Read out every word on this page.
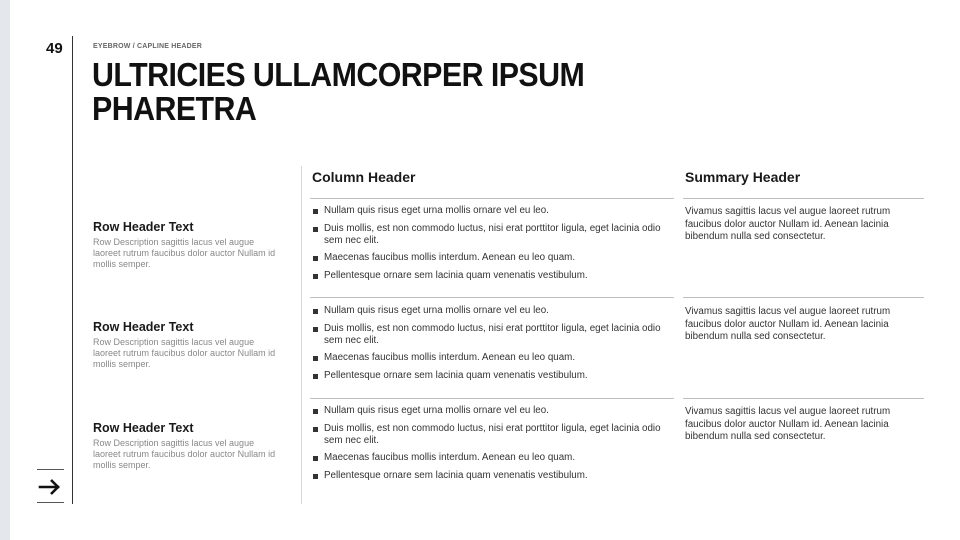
49	EYEBROW / CAPLINE HEADER
ULTRICIES ULLAMCORPER IPSUM PHARETRA
Column Header	Summary Header
Row Header Text
Row Description sagittis lacus vel augue laoreet rutrum faucibus dolor auctor Nullam id mollis semper.
Nullam quis risus eget urna mollis ornare vel eu leo.
Duis mollis, est non commodo luctus, nisi erat porttitor ligula, eget lacinia odio sem nec elit.
Maecenas faucibus mollis interdum. Aenean eu leo quam.
Pellentesque ornare sem lacinia quam venenatis vestibulum.
Vivamus sagittis lacus vel augue laoreet rutrum faucibus dolor auctor Nullam id. Aenean lacinia bibendum nulla sed consectetur.
Row Header Text
Row Description sagittis lacus vel augue laoreet rutrum faucibus dolor auctor Nullam id mollis semper.
Nullam quis risus eget urna mollis ornare vel eu leo.
Duis mollis, est non commodo luctus, nisi erat porttitor ligula, eget lacinia odio sem nec elit.
Maecenas faucibus mollis interdum. Aenean eu leo quam.
Pellentesque ornare sem lacinia quam venenatis vestibulum.
Vivamus sagittis lacus vel augue laoreet rutrum faucibus dolor auctor Nullam id. Aenean lacinia bibendum nulla sed consectetur.
Row Header Text
Row Description sagittis lacus vel augue laoreet rutrum faucibus dolor auctor Nullam id mollis semper.
Nullam quis risus eget urna mollis ornare vel eu leo.
Duis mollis, est non commodo luctus, nisi erat porttitor ligula, eget lacinia odio sem nec elit.
Maecenas faucibus mollis interdum. Aenean eu leo quam.
Pellentesque ornare sem lacinia quam venenatis vestibulum.
Vivamus sagittis lacus vel augue laoreet rutrum faucibus dolor auctor Nullam id. Aenean lacinia bibendum nulla sed consectetur.
